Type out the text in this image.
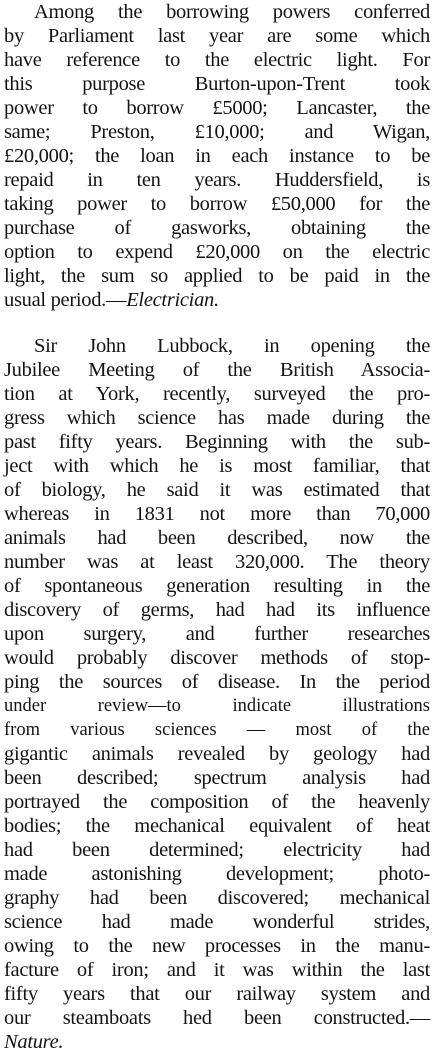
Among the borrowing powers conferred
by Parliament last year are some which
have reference to the electric light. For
this purpose Burton-upon-Trent took
power to borrow £5000; Lancaster, the
same; Preston, £10,000; and Wigan,
£20,000; the loan in each instance to be
repaid in ten years. Huddersfield, is
taking power to borrow £50,000 for the
purchase of gasworks, obtaining the
option to expend £20,000 on the electric
light, the sum so applied to be paid in the
usual period.—Electrician.
Sir John Lubbock, in opening the
Jubilee Meeting of the British Associa-
tion at York, recently, surveyed the pro-
gress which science has made during the
past fifty years. Beginning with the sub-
ject with which he is most familiar, that
of biology, he said it was estimated that
whereas in 1831 not more than 70,000
animals had been described, now the
number was at least 320,000. The theory
of spontaneous generation resulting in the
discovery of germs, had had its influence
upon surgery, and further researches
would probably discover methods of stop-
ping the sources of disease. In the period
under review—to indicate illustrations
from various sciences — most of the
gigantic animals revealed by geology had
been described; spectrum analysis had
portrayed the composition of the heavenly
bodies; the mechanical equivalent of heat
had been determined; electricity had
made astonishing development; photo-
graphy had been discovered; mechanical
science had made wonderful strides,
owing to the new processes in the manu-
facture of iron; and it was within the last
fifty years that our railway system and
our steamboats hed been constructed.—
Nature.
